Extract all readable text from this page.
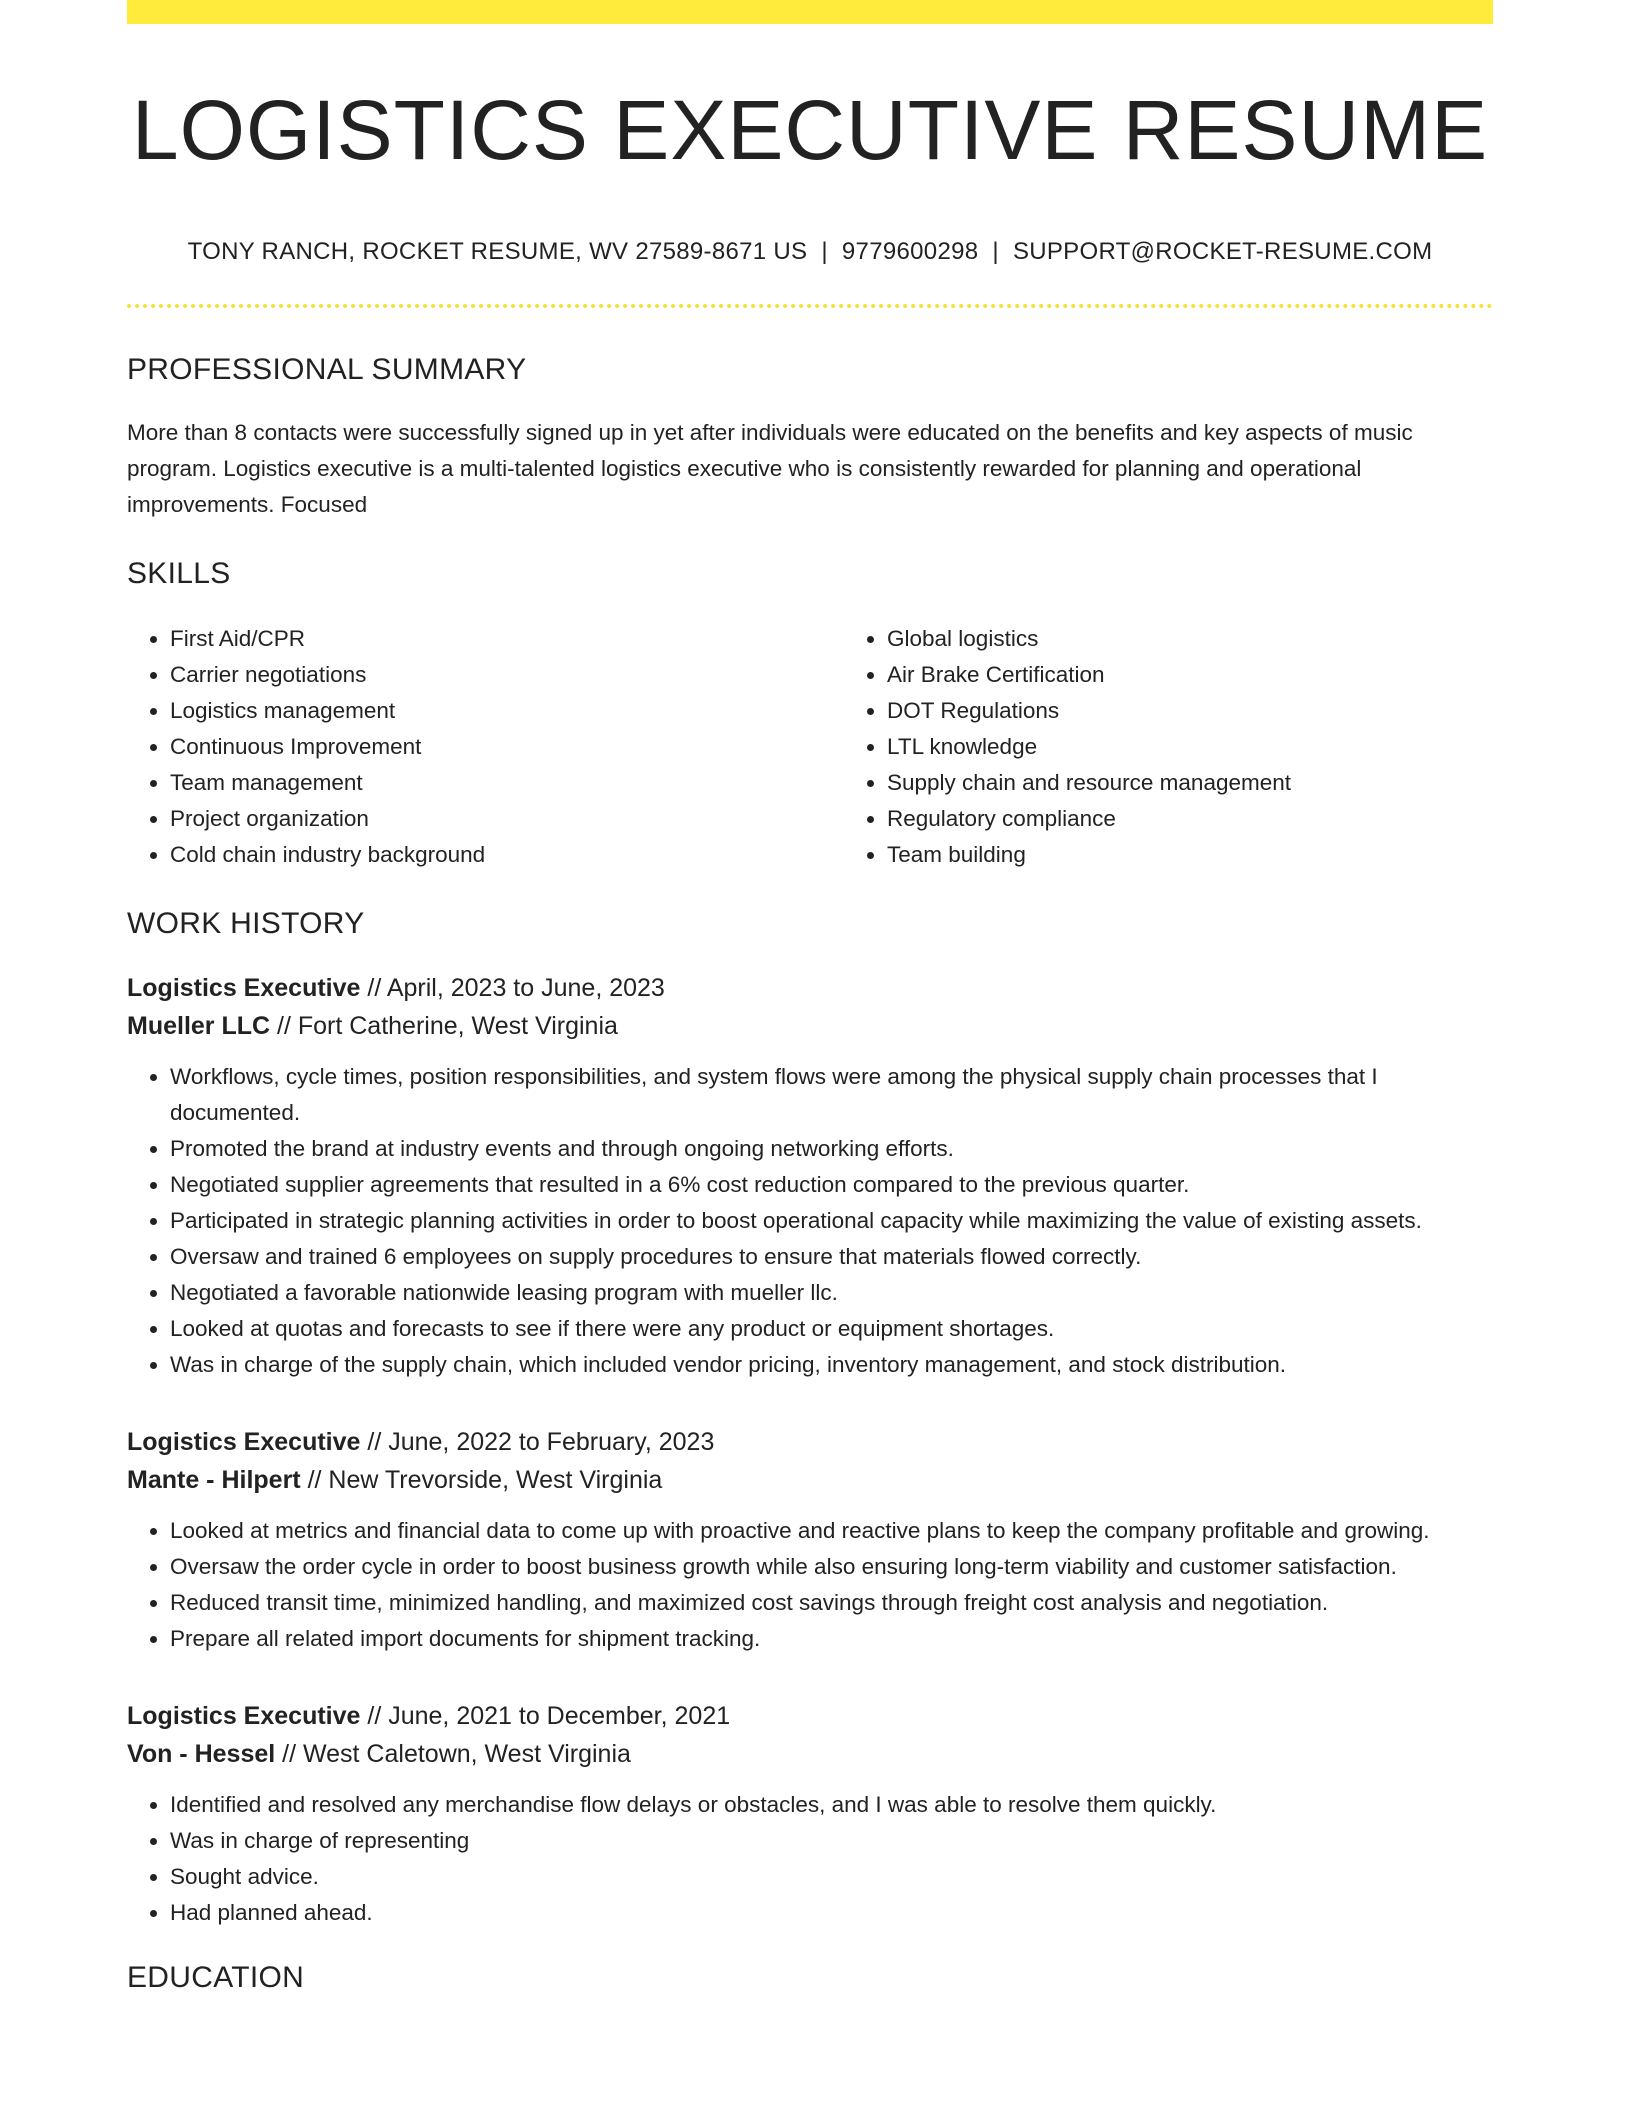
LOGISTICS EXECUTIVE RESUME
TONY RANCH, ROCKET RESUME, WV 27589-8671 US | 9779600298 | SUPPORT@ROCKET-RESUME.COM
PROFESSIONAL SUMMARY

More than 8 contacts were successfully signed up in yet after individuals were educated on the benefits and key aspects of music program. Logistics executive is a multi-talented logistics executive who is consistently rewarded for planning and operational improvements. Focused

SKILLS
• First Aid/CPR
• Carrier negotiations
• Logistics management
• Continuous Improvement
• Team management
• Project organization
• Cold chain industry background
• Global logistics
• Air Brake Certification
• DOT Regulations
• LTL knowledge
• Supply chain and resource management
• Regulatory compliance
• Team building
WORK HISTORY
Logistics Executive // April, 2023 to June, 2023
Mueller LLC // Fort Catherine, West Virginia
• Workflows, cycle times, position responsibilities, and system flows were among the physical supply chain processes that I documented.
• Promoted the brand at industry events and through ongoing networking efforts.
• Negotiated supplier agreements that resulted in a 6% cost reduction compared to the previous quarter.
• Participated in strategic planning activities in order to boost operational capacity while maximizing the value of existing assets.
• Oversaw and trained 6 employees on supply procedures to ensure that materials flowed correctly.
• Negotiated a favorable nationwide leasing program with mueller llc.
• Looked at quotas and forecasts to see if there were any product or equipment shortages.
• Was in charge of the supply chain, which included vendor pricing, inventory management, and stock distribution.
Logistics Executive // June, 2022 to February, 2023
Mante - Hilpert // New Trevorside, West Virginia
• Looked at metrics and financial data to come up with proactive and reactive plans to keep the company profitable and growing.
• Oversaw the order cycle in order to boost business growth while also ensuring long-term viability and customer satisfaction.
• Reduced transit time, minimized handling, and maximized cost savings through freight cost analysis and negotiation.
• Prepare all related import documents for shipment tracking.
Logistics Executive // June, 2021 to December, 2021
Von - Hessel // West Caletown, West Virginia
• Identified and resolved any merchandise flow delays or obstacles, and I was able to resolve them quickly.
• Was in charge of representing
• Sought advice.
• Had planned ahead.
EDUCATION
